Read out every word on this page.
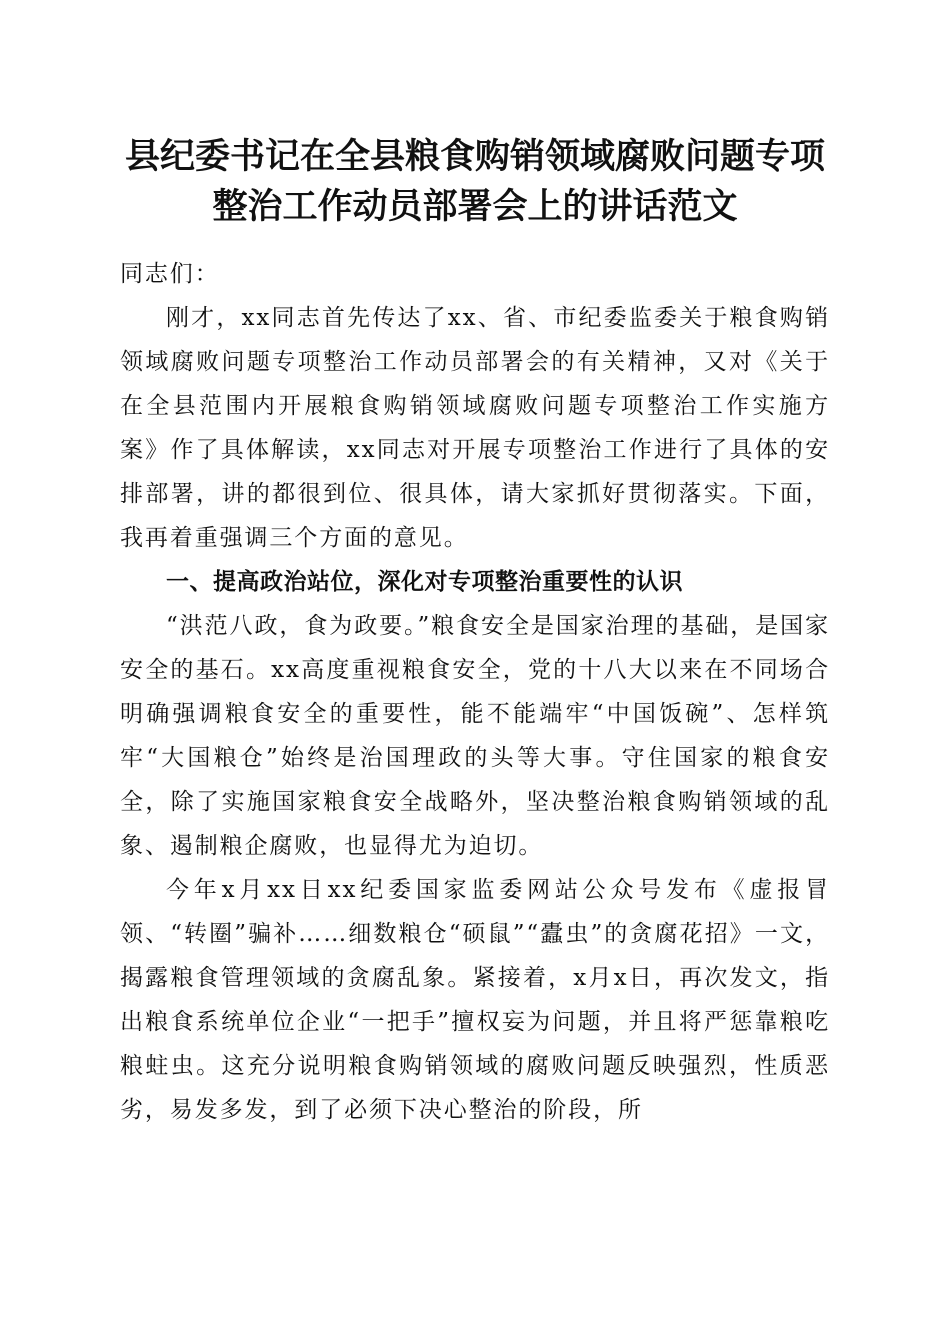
县纪委书记在全县粮食购销领域腐败问题专项
整治工作动员部署会上的讲话范文

同志们：

刚才，xx同志首先传达了xx、省、市纪委监委关于粮食购销领域腐败问题专项整治工作动员部署会的有关精神，又对《关于在全县范围内开展粮食购销领域腐败问题专项整治工作实施方案》作了具体解读，xx同志对开展专项整治工作进行了具体的安排部署，讲的都很到位、很具体，请大家抓好贯彻落实。下面，我再着重强调三个方面的意见。

一、提高政治站位，深化对专项整治重要性的认识

“洪范八政，食为政要。”粮食安全是国家治理的基础，是国家安全的基石。xx高度重视粮食安全，党的十八大以来在不同场合明确强调粮食安全的重要性，能不能端牢“中国饭碗”、怎样筑牢“大国粮仓”始终是治国理政的头等大事。守住国家的粮食安全，除了实施国家粮食安全战略外，坚决整治粮食购销领域的乱象、遏制粮企腐败，也显得尤为迫切。

今年x月xx日xx纪委国家监委网站公众号发布《虚报冒领、“转圈”骗补……细数粮仓“硕鼠”“蠹虫”的贪腐花招》一文，揭露粮食管理领域的贪腐乱象。紧接着，x月x日，再次发文，指出粮食系统单位企业“一把手”擅权妄为问题，并且将严惩靠粮吃粮蛀虫。这充分说明粮食购销领域的腐败问题反映强烈，性质恶劣，易发多发，到了必须下决心整治的阶段，所
